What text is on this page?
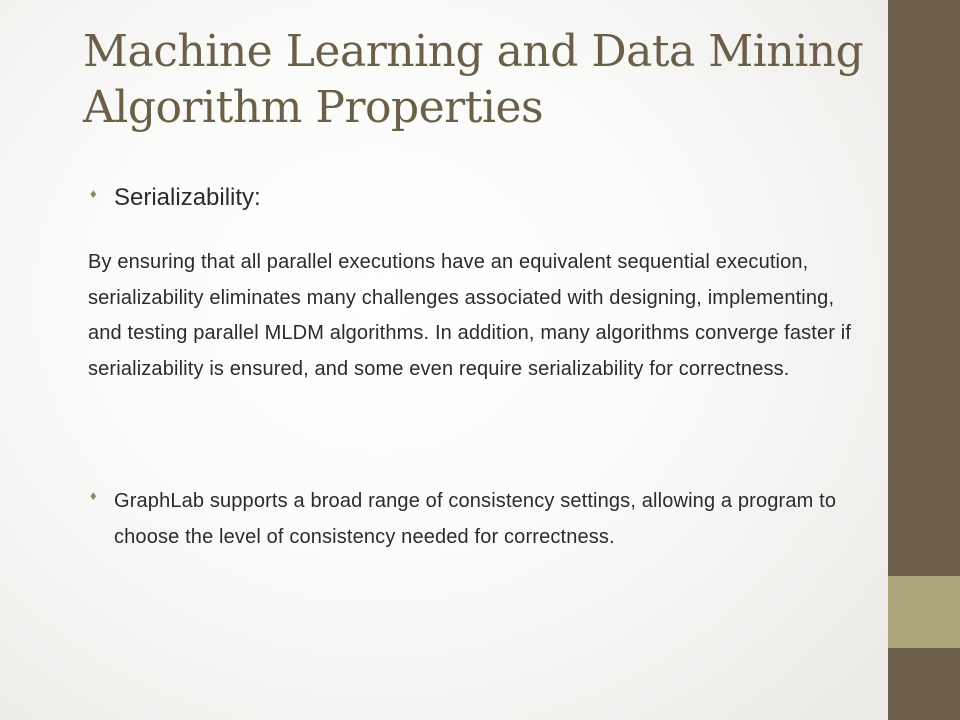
Machine Learning and Data Mining Algorithm Properties
♦ Serializability:

By ensuring that all parallel executions have an equivalent sequential execution, serializability eliminates many challenges associated with designing, implementing, and testing parallel MLDM algorithms. In addition, many algorithms converge faster if serializability is ensured, and some even require serializability for correctness.

♦ GraphLab supports a broad range of consistency settings, allowing a program to choose the level of consistency needed for correctness.
